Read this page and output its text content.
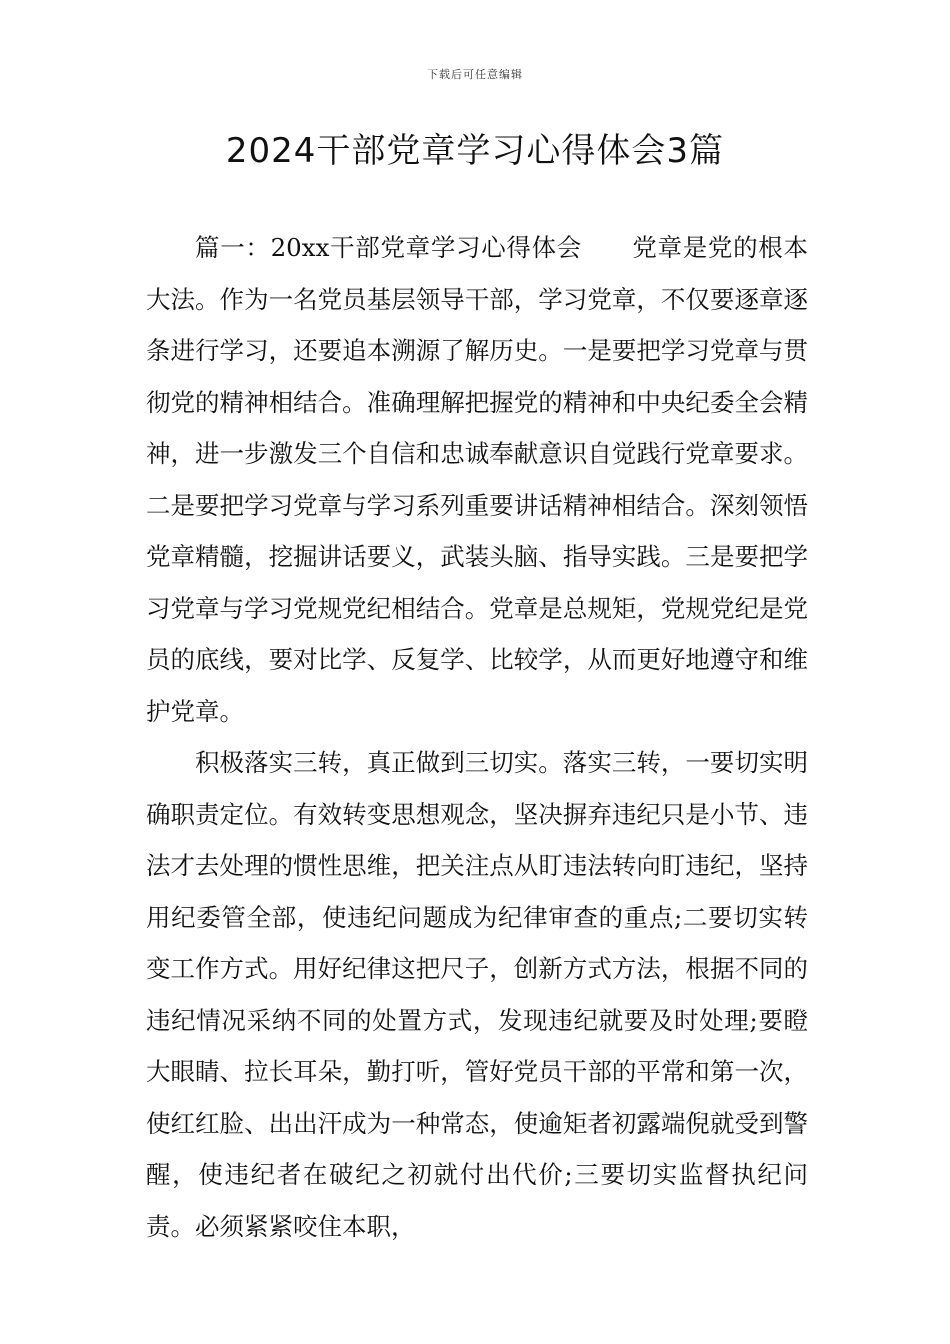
下载后可任意编辑
2024干部党章学习心得体会3篇

篇一：20xx干部党章学习心得体会　　党章是党的根本大法。作为一名党员基层领导干部，学习党章，不仅要逐章逐条进行学习，还要追本溯源了解历史。一是要把学习党章与贯彻党的精神相结合。准确理解把握党的精神和中央纪委全会精神，进一步激发三个自信和忠诚奉献意识自觉践行党章要求。二是要把学习党章与学习系列重要讲话精神相结合。深刻领悟党章精髓，挖掘讲话要义，武装头脑、指导实践。三是要把学习党章与学习党规党纪相结合。党章是总规矩，党规党纪是党员的底线，要对比学、反复学、比较学，从而更好地遵守和维护党章。

积极落实三转，真正做到三切实。落实三转，一要切实明确职责定位。有效转变思想观念，坚决摒弃违纪只是小节、违法才去处理的惯性思维，把关注点从盯违法转向盯违纪，坚持用纪委管全部，使违纪问题成为纪律审查的重点;二要切实转变工作方式。用好纪律这把尺子，创新方式方法，根据不同的违纪情况采纳不同的处置方式，发现违纪就要及时处理;要瞪大眼睛、拉长耳朵，勤打听，管好党员干部的平常和第一次，使红红脸、出出汗成为一种常态，使逾矩者初露端倪就受到警醒，使违纪者在破纪之初就付出代价;三要切实监督执纪问责。必须紧紧咬住本职，
